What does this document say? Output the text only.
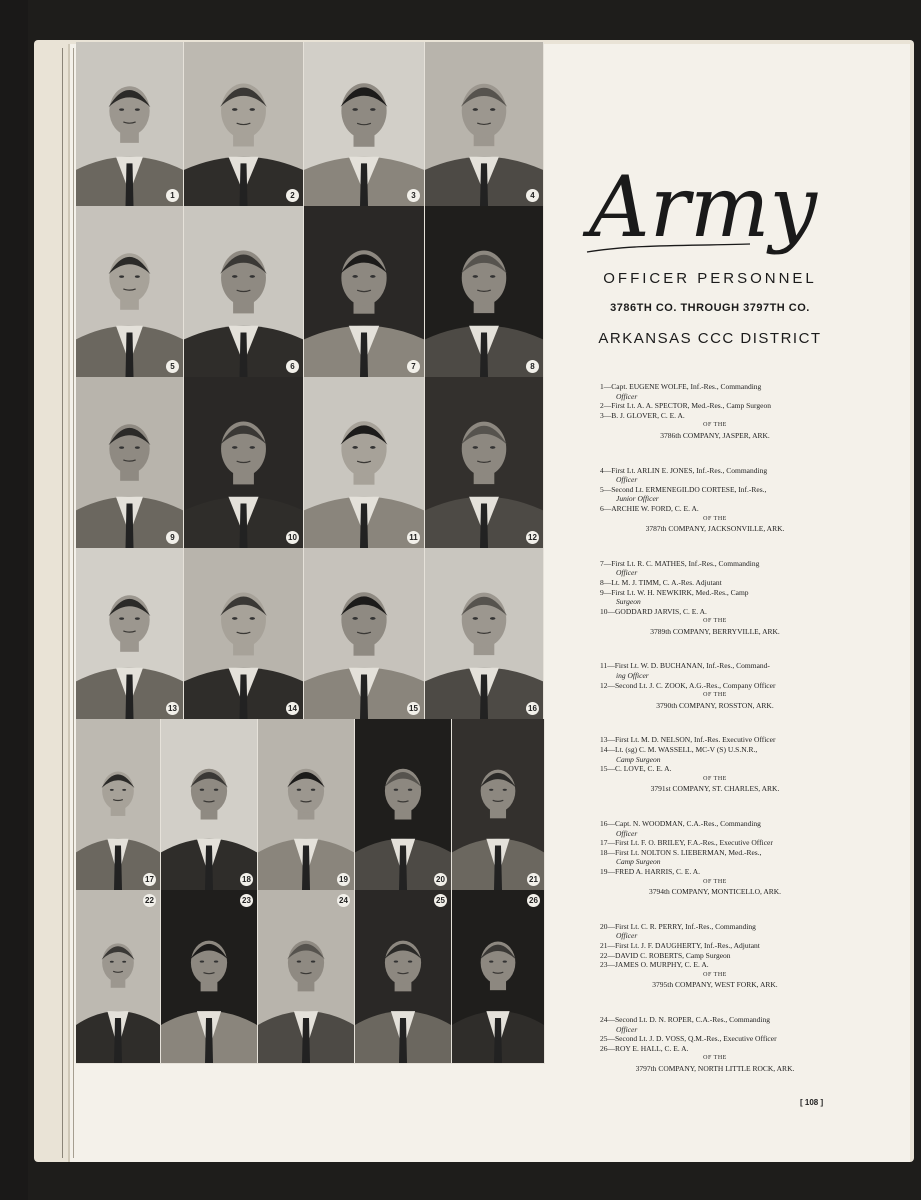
1	2	3	4
5	6	7	8
9	10	11	12
13	14	15	16
17	18	19	20	21
22	23	24	25	26
Army
OFFICER PERSONNEL
3786TH CO. THROUGH 3797TH CO.
ARKANSAS CCC DISTRICT
1—Capt. EUGENE WOLFE, Inf.-Res., Commanding
Officer
2—First Lt. A. A. SPECTOR, Med.-Res., Camp Surgeon
3—B. J. GLOVER, C. E. A.
OF THE
3786th COMPANY, JASPER, ARK.
4—First Lt. ARLIN E. JONES, Inf.-Res., Commanding
Officer
5—Second Lt. ERMENEGILDO CORTESE, Inf.-Res.,
Junior Officer
6—ARCHIE W. FORD, C. E. A.
OF THE
3787th COMPANY, JACKSONVILLE, ARK.
7—First Lt. R. C. MATHES, Inf.-Res., Commanding
Officer
8—Lt. M. J. TIMM, C. A.-Res. Adjutant
9—First Lt. W. H. NEWKIRK, Med.-Res., Camp
Surgeon
10—GODDARD JARVIS, C. E. A.
OF THE
3789th COMPANY, BERRYVILLE, ARK.
11—First Lt. W. D. BUCHANAN, Inf.-Res., Command-
ing Officer
12—Second Lt. J. C. ZOOK, A.G.-Res., Company Officer
OF THE
3790th COMPANY, ROSSTON, ARK.
13—First Lt. M. D. NELSON, Inf.-Res. Executive Officer
14—Lt. (sg) C. M. WASSELL, MC-V (S) U.S.N.R.,
Camp Surgeon
15—C. LOVE, C. E. A.
OF THE
3791st COMPANY, ST. CHARLES, ARK.
16—Capt. N. WOODMAN, C.A.-Res., Commanding
Officer
17—First Lt. F. O. BRILEY, F.A.-Res., Executive Officer
18—First Lt. NOLTON S. LIEBERMAN, Med.-Res.,
Camp Surgeon
19—FRED A. HARRIS, C. E. A.
OF THE
3794th COMPANY, MONTICELLO, ARK.
20—First Lt. C. R. PERRY, Inf.-Res., Commanding
Officer
21—First Lt. J. F. DAUGHERTY, Inf.-Res., Adjutant
22—DAVID C. ROBERTS, Camp Surgeon
23—JAMES O. MURPHY, C. E. A.
OF THE
3795th COMPANY, WEST FORK, ARK.
24—Second Lt. D. N. ROPER, C.A.-Res., Commanding
Officer
25—Second Lt. J. D. VOSS, Q.M.-Res., Executive Officer
26—ROY E. HALL, C. E. A.
OF THE
3797th COMPANY, NORTH LITTLE ROCK, ARK.
[ 108 ]
